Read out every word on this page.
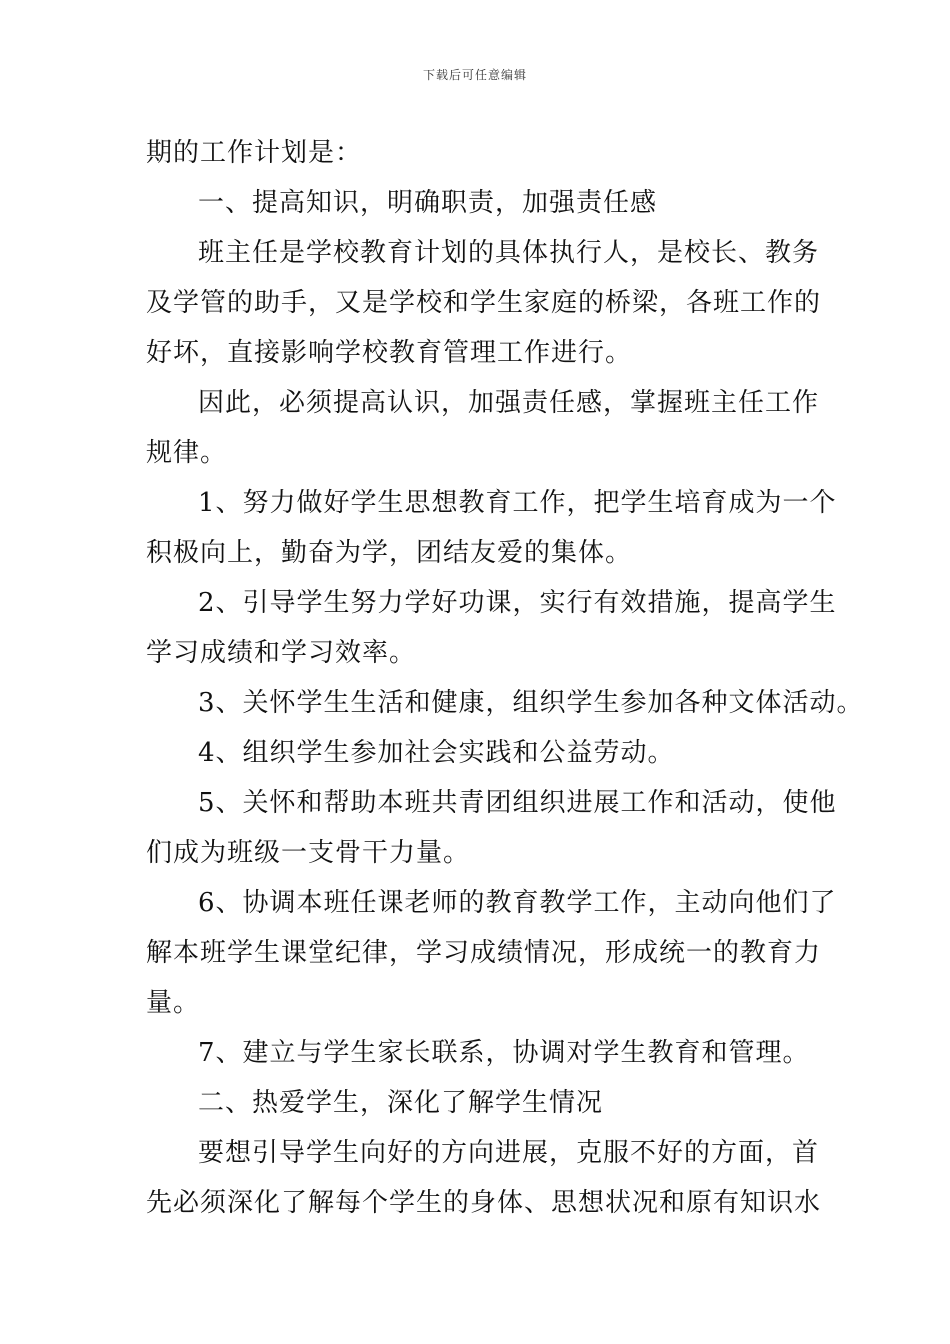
下载后可任意编辑
期的工作计划是：
一、提高知识，明确职责，加强责任感
班主任是学校教育计划的具体执行人，是校长、教务
及学管的助手，又是学校和学生家庭的桥梁，各班工作的
好坏，直接影响学校教育管理工作进行。
因此，必须提高认识，加强责任感，掌握班主任工作
规律。
1、努力做好学生思想教育工作，把学生培育成为一个
积极向上，勤奋为学，团结友爱的集体。
2、引导学生努力学好功课，实行有效措施，提高学生
学习成绩和学习效率。
3、关怀学生生活和健康，组织学生参加各种文体活动。
4、组织学生参加社会实践和公益劳动。
5、关怀和帮助本班共青团组织进展工作和活动，使他
们成为班级一支骨干力量。
6、协调本班任课老师的教育教学工作，主动向他们了
解本班学生课堂纪律，学习成绩情况，形成统一的教育力
量。
7、建立与学生家长联系，协调对学生教育和管理。
二、热爱学生，深化了解学生情况
要想引导学生向好的方向进展，克服不好的方面，首
先必须深化了解每个学生的身体、思想状况和原有知识水
